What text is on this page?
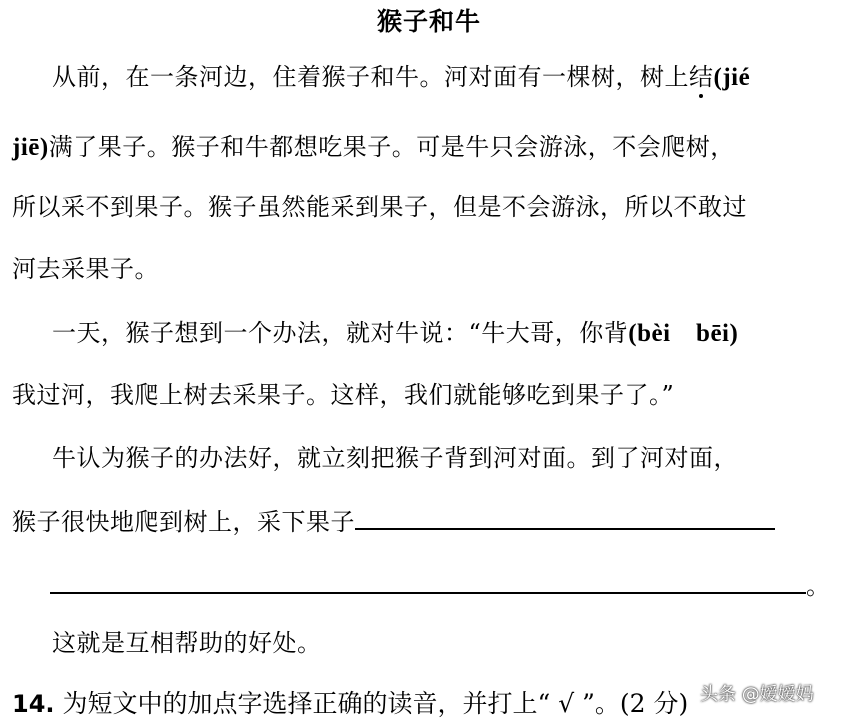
猴子和牛
从前，在一条河边，住着猴子和牛。河对面有一棵树，树上结(jié
jiē)满了果子。猴子和牛都想吃果子。可是牛只会游泳，不会爬树，
所以采不到果子。猴子虽然能采到果子，但是不会游泳，所以不敢过
河去采果子。
一天，猴子想到一个办法，就对牛说：“牛大哥，你背(bèi　bēi)
我过河，我爬上树去采果子。这样，我们就能够吃到果子了。”
牛认为猴子的办法好，就立刻把猴子背到河对面。到了河对面，
猴子很快地爬到树上，采下果子
。
这就是互相帮助的好处。
14. 为短文中的加点字选择正确的读音，并打上“ √ ”。(2 分) 头条 @嫒嫒妈
